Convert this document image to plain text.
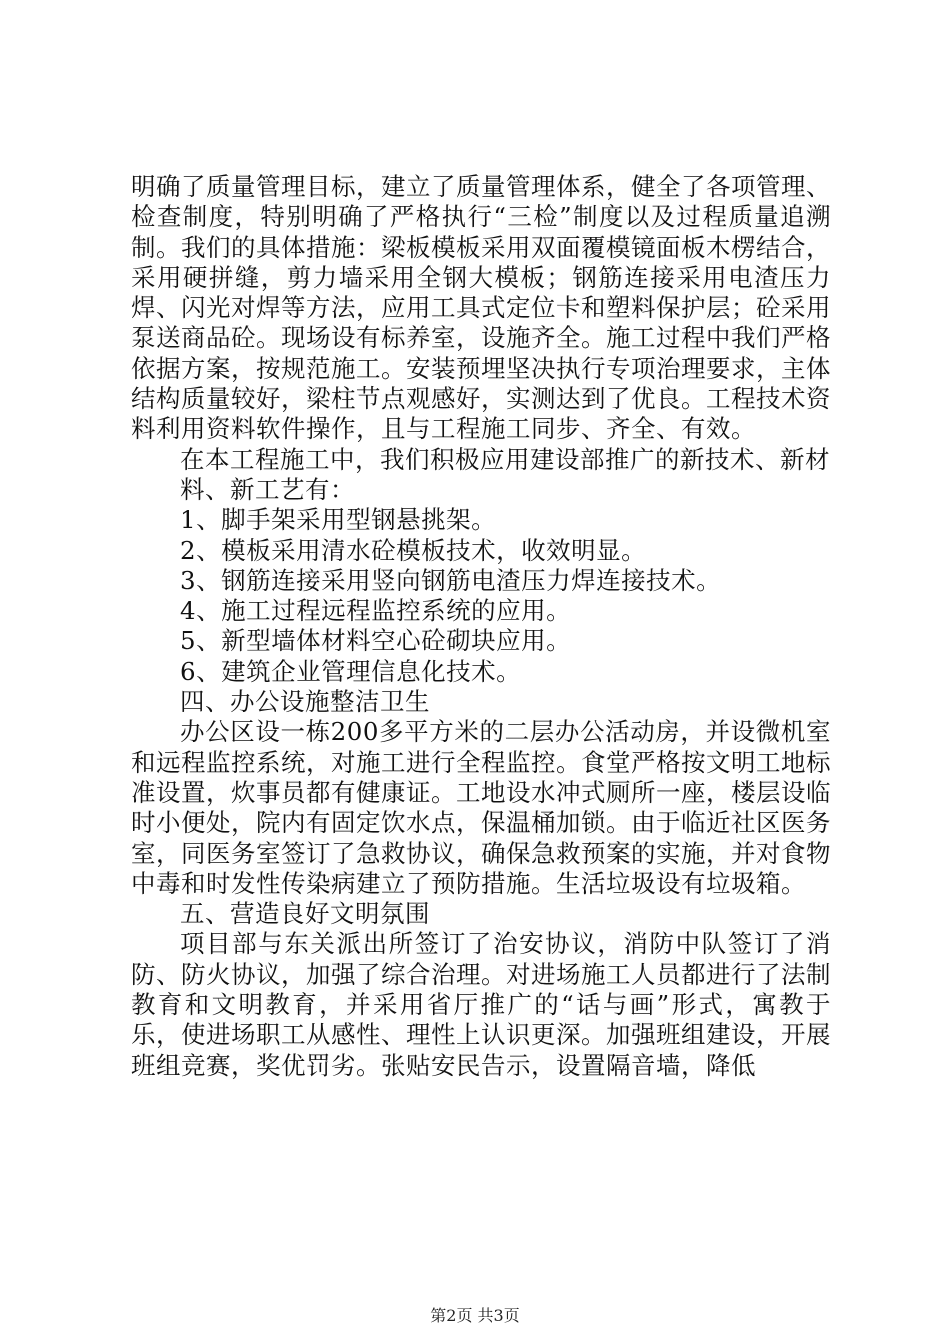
明确了质量管理目标，建立了质量管理体系，健全了各项管理、检查制度，特别明确了严格执行“三检”制度以及过程质量追溯制。我们的具体措施：梁板模板采用双面覆模镜面板木楞结合，采用硬拼缝，剪力墙采用全钢大模板；钢筋连接采用电渣压力焊、闪光对焊等方法，应用工具式定位卡和塑料保护层；砼采用泵送商品砼。现场设有标养室，设施齐全。施工过程中我们严格依据方案，按规范施工。安装预埋坚决执行专项治理要求，主体结构质量较好，梁柱节点观感好，实测达到了优良。工程技术资料利用资料软件操作，且与工程施工同步、齐全、有效。

在本工程施工中，我们积极应用建设部推广的新技术、新材

料、新工艺有：

1、脚手架采用型钢悬挑架。

2、模板采用清水砼模板技术，收效明显。

3、钢筋连接采用竖向钢筋电渣压力焊连接技术。

4、施工过程远程监控系统的应用。

5、新型墙体材料空心砼砌块应用。

6、建筑企业管理信息化技术。

四、办公设施整洁卫生

办公区设一栋200多平方米的二层办公活动房，并设微机室和远程监控系统，对施工进行全程监控。食堂严格按文明工地标准设置，炊事员都有健康证。工地设水冲式厕所一座，楼层设临时小便处，院内有固定饮水点，保温桶加锁。由于临近社区医务室，同医务室签订了急救协议，确保急救预案的实施，并对食物中毒和时发性传染病建立了预防措施。生活垃圾设有垃圾箱。

五、营造良好文明氛围

项目部与东关派出所签订了治安协议，消防中队签订了消防、防火协议，加强了综合治理。对进场施工人员都进行了法制教育和文明教育，并采用省厅推广的“话与画”形式，寓教于乐，使进场职工从感性、理性上认识更深。加强班组建设，开展班组竞赛，奖优罚劣。张贴安民告示，设置隔音墙，降低

第2页 共3页
